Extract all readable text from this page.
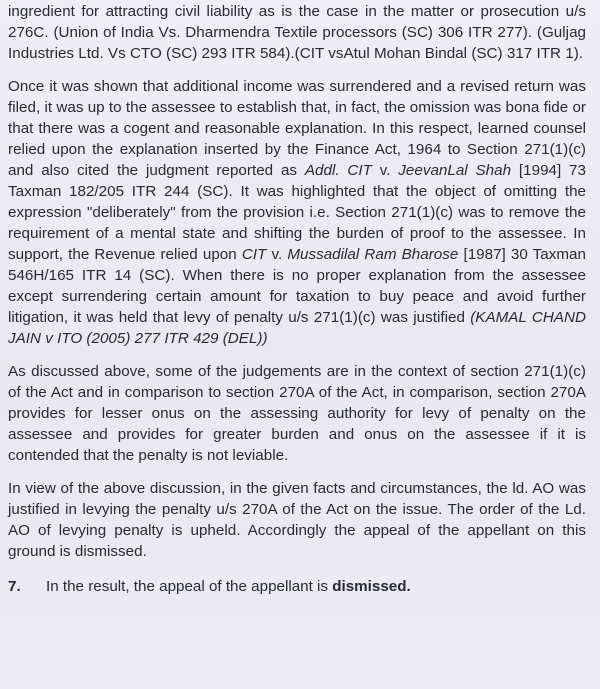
ingredient for attracting civil liability as is the case in the matter or prosecution u/s 276C. (Union of India Vs. Dharmendra Textile processors (SC) 306 ITR 277). (Guljag Industries Ltd. Vs CTO (SC) 293 ITR 584).(CIT vsAtul Mohan Bindal (SC) 317 ITR 1).

Once it was shown that additional income was surrendered and a revised return was filed, it was up to the assessee to establish that, in fact, the omission was bona fide or that there was a cogent and reasonable explanation. In this respect, learned counsel relied upon the explanation inserted by the Finance Act, 1964 to Section 271(1)(c) and also cited the judgment reported as Addl. CIT v. JeevanLal Shah [1994] 73 Taxman 182/205 ITR 244 (SC). It was highlighted that the object of omitting the expression "deliberately" from the provision i.e. Section 271(1)(c) was to remove the requirement of a mental state and shifting the burden of proof to the assessee. In support, the Revenue relied upon CIT v. Mussadilal Ram Bharose [1987] 30 Taxman 546H/165 ITR 14 (SC). When there is no proper explanation from the assessee except surrendering certain amount for taxation to buy peace and avoid further litigation, it was held that levy of penalty u/s 271(1)(c) was justified (KAMAL CHAND JAIN v ITO (2005) 277 ITR 429 (DEL))

As discussed above, some of the judgements are in the context of section 271(1)(c) of the Act and in comparison to section 270A of the Act, in comparison, section 270A provides for lesser onus on the assessing authority for levy of penalty on the assessee and provides for greater burden and onus on the assessee if it is contended that the penalty is not leviable.

In view of the above discussion, in the given facts and circumstances, the ld. AO was justified in levying the penalty u/s 270A of the Act on the issue. The order of the Ld. AO of levying penalty is upheld. Accordingly the appeal of the appellant on this ground is dismissed.

7. In the result, the appeal of the appellant is dismissed.
